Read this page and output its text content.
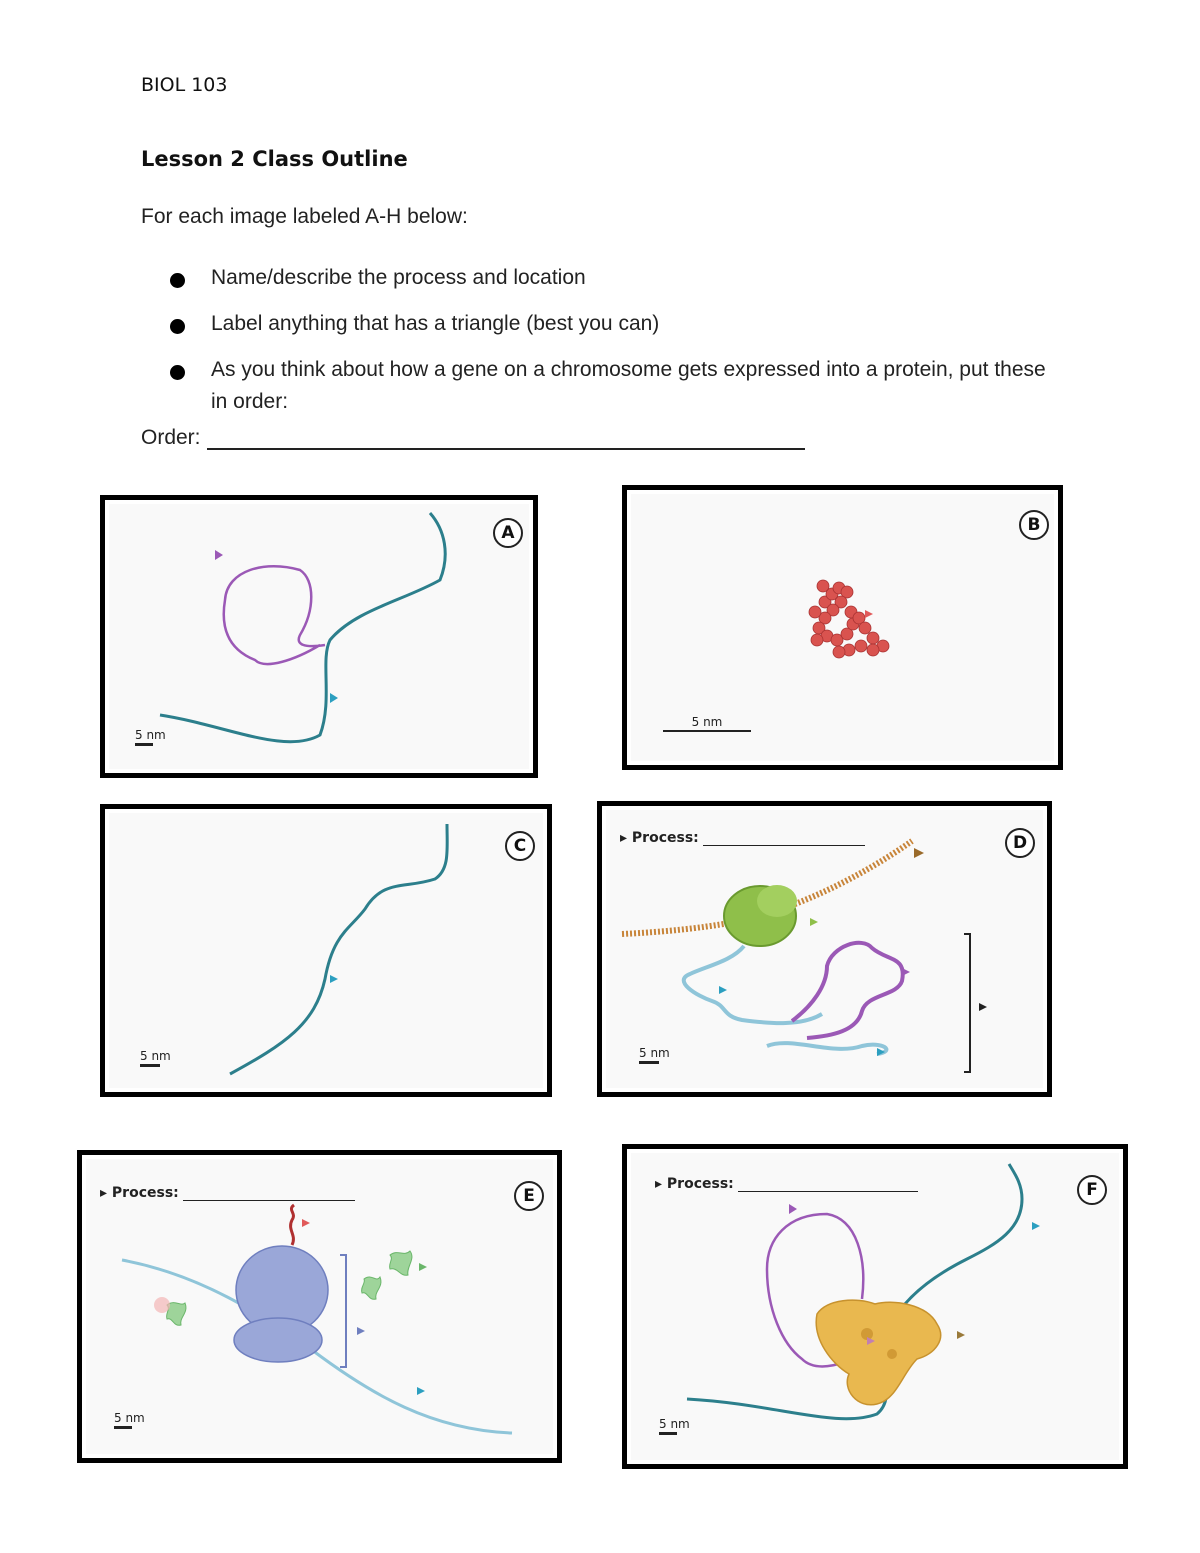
BIOL 103
Lesson 2 Class Outline
For each image labeled A-H below:
Name/describe the process and location
Label anything that has a triangle (best you can)
As you think about how a gene on a chromosome gets expressed into a protein, put these in order:
Order:
A
5 nm
B
5 nm
C
5 nm
▸ Process:	D
5 nm
▸ Process:	E
5 nm
▸ Process:	F
5 nm
